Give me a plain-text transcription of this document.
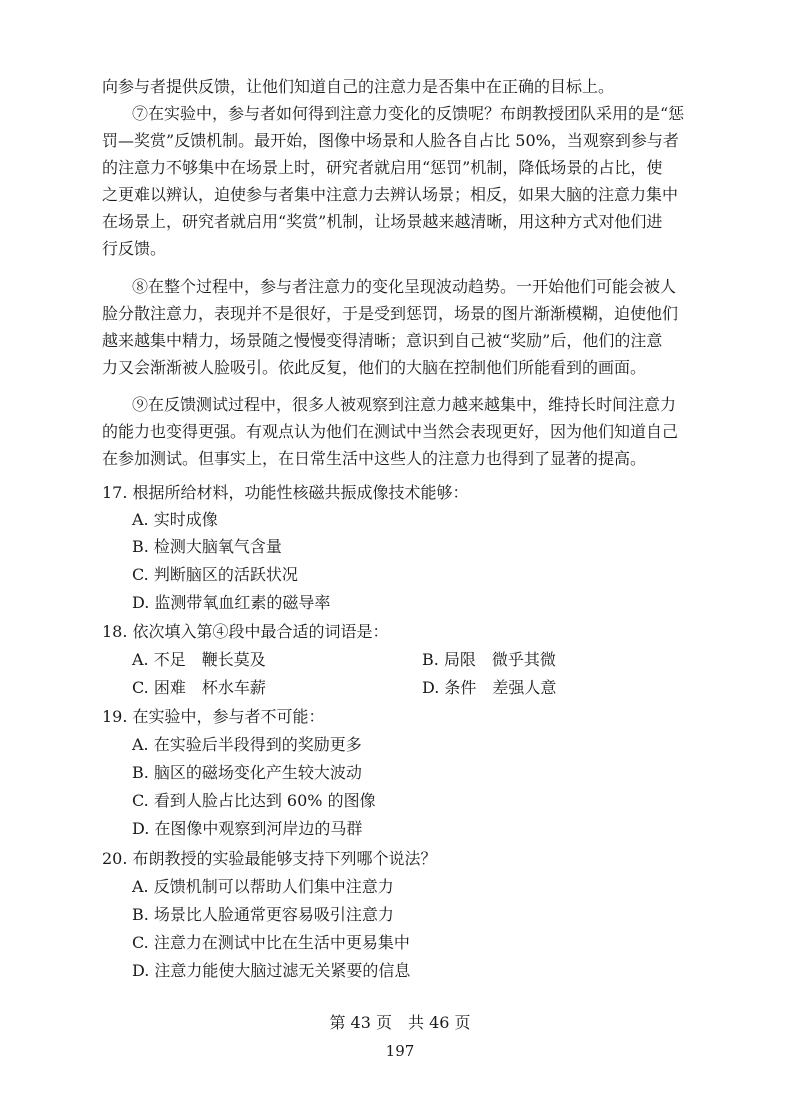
向参与者提供反馈，让他们知道自己的注意力是否集中在正确的目标上。
⑦在实验中，参与者如何得到注意力变化的反馈呢？布朗教授团队采用的是“惩
罚—奖赏”反馈机制。最开始，图像中场景和人脸各自占比 50%，当观察到参与者
的注意力不够集中在场景上时，研究者就启用“惩罚”机制，降低场景的占比，使
之更难以辨认，迫使参与者集中注意力去辨认场景；相反，如果大脑的注意力集中
在场景上，研究者就启用“奖赏”机制，让场景越来越清晰，用这种方式对他们进
行反馈。
⑧在整个过程中，参与者注意力的变化呈现波动趋势。一开始他们可能会被人
脸分散注意力，表现并不是很好，于是受到惩罚，场景的图片渐渐模糊，迫使他们
越来越集中精力，场景随之慢慢变得清晰；意识到自己被“奖励”后，他们的注意
力又会渐渐被人脸吸引。依此反复，他们的大脑在控制他们所能看到的画面。
⑨在反馈测试过程中，很多人被观察到注意力越来越集中，维持长时间注意力
的能力也变得更强。有观点认为他们在测试中当然会表现更好，因为他们知道自己
在参加测试。但事实上，在日常生活中这些人的注意力也得到了显著的提高。
17. 根据所给材料，功能性核磁共振成像技术能够：
A. 实时成像
B. 检测大脑氧气含量
C. 判断脑区的活跃状况
D. 监测带氧血红素的磁导率
18. 依次填入第④段中最合适的词语是：
A. 不足　鞭长莫及	B. 局限　微乎其微
C. 困难　杯水车薪	D. 条件　差强人意
19. 在实验中，参与者不可能：
A. 在实验后半段得到的奖励更多
B. 脑区的磁场变化产生较大波动
C. 看到人脸占比达到 60% 的图像
D. 在图像中观察到河岸边的马群
20. 布朗教授的实验最能够支持下列哪个说法？
A. 反馈机制可以帮助人们集中注意力
B. 场景比人脸通常更容易吸引注意力
C. 注意力在测试中比在生活中更易集中
D. 注意力能使大脑过滤无关紧要的信息
第 43 页　共 46 页
197
